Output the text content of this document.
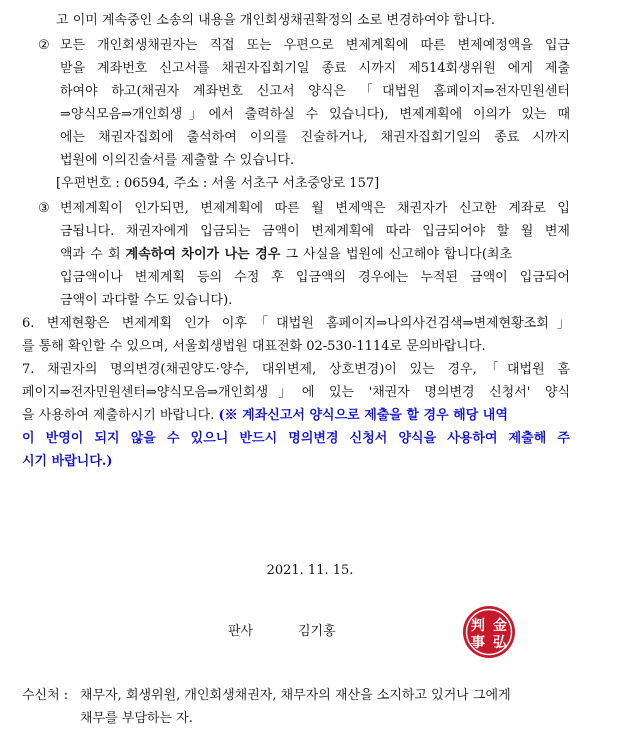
고 이미 계속중인 소송의 내용을 개인회생채권확정의 소로 변경하여야 합니다.
② 모든 개인회생채권자는 직접 또는 우편으로 변제계획에 따른 변제예정액을 입금
받을 계좌번호 신고서를 채권자집회기일 종료 시까지 제514회생위원 에게 제출
하여야 하고(채권자 계좌번호 신고서 양식은 「대법원 홈페이지⇒전자민원센터
⇒양식모음⇒개인회생」에서 출력하실 수 있습니다), 변제계획에 이의가 있는 때
에는 채권자집회에 출석하여 이의를 진술하거나, 채권자집회기일의 종료 시까지
법원에 이의진술서를 제출할 수 있습니다.
[우편번호 : 06594, 주소 : 서울 서초구 서초중앙로 157]
③ 변제계획이 인가되면, 변제계획에 따른 월 변제액은 채권자가 신고한 계좌로 입
금됩니다. 채권자에게 입금되는 금액이 변제계획에 따라 입금되어야 할 월 변제
액과 수 회 계속하여 차이가 나는 경우 그 사실을 법원에 신고해야 합니다(최초
입금액이나 변제계획 등의 수정 후 입금액의 경우에는 누적된 금액이 입금되어
금액이 과다할 수도 있습니다).
6. 변제현황은 변제계획 인가 이후「대법원 홈페이지⇒나의사건검색⇒변제현황조회」
를 통해 확인할 수 있으며, 서울회생법원 대표전화 02-530-1114로 문의바랍니다.
7. 채권자의 명의변경(채권양도·양수, 대위변제, 상호변경)이 있는 경우,「대법원 홈
페이지⇒전자민원센터⇒양식모음⇒개인회생」에 있는 '채권자 명의변경 신청서' 양식
을 사용하여 제출하시기 바랍니다. (※ 계좌신고서 양식으로 제출을 할 경우 해당 내역
이 반영이 되지 않을 수 있으니 반드시 명의변경 신청서 양식을 사용하여 제출해 주
시기 바랍니다.)
2021. 11. 15.
판사	김기홍	判 金
事 弘
수신처 : 채무자, 회생위원, 개인회생채권자, 채무자의 재산을 소지하고 있거나 그에게
채무를 부담하는 자.
